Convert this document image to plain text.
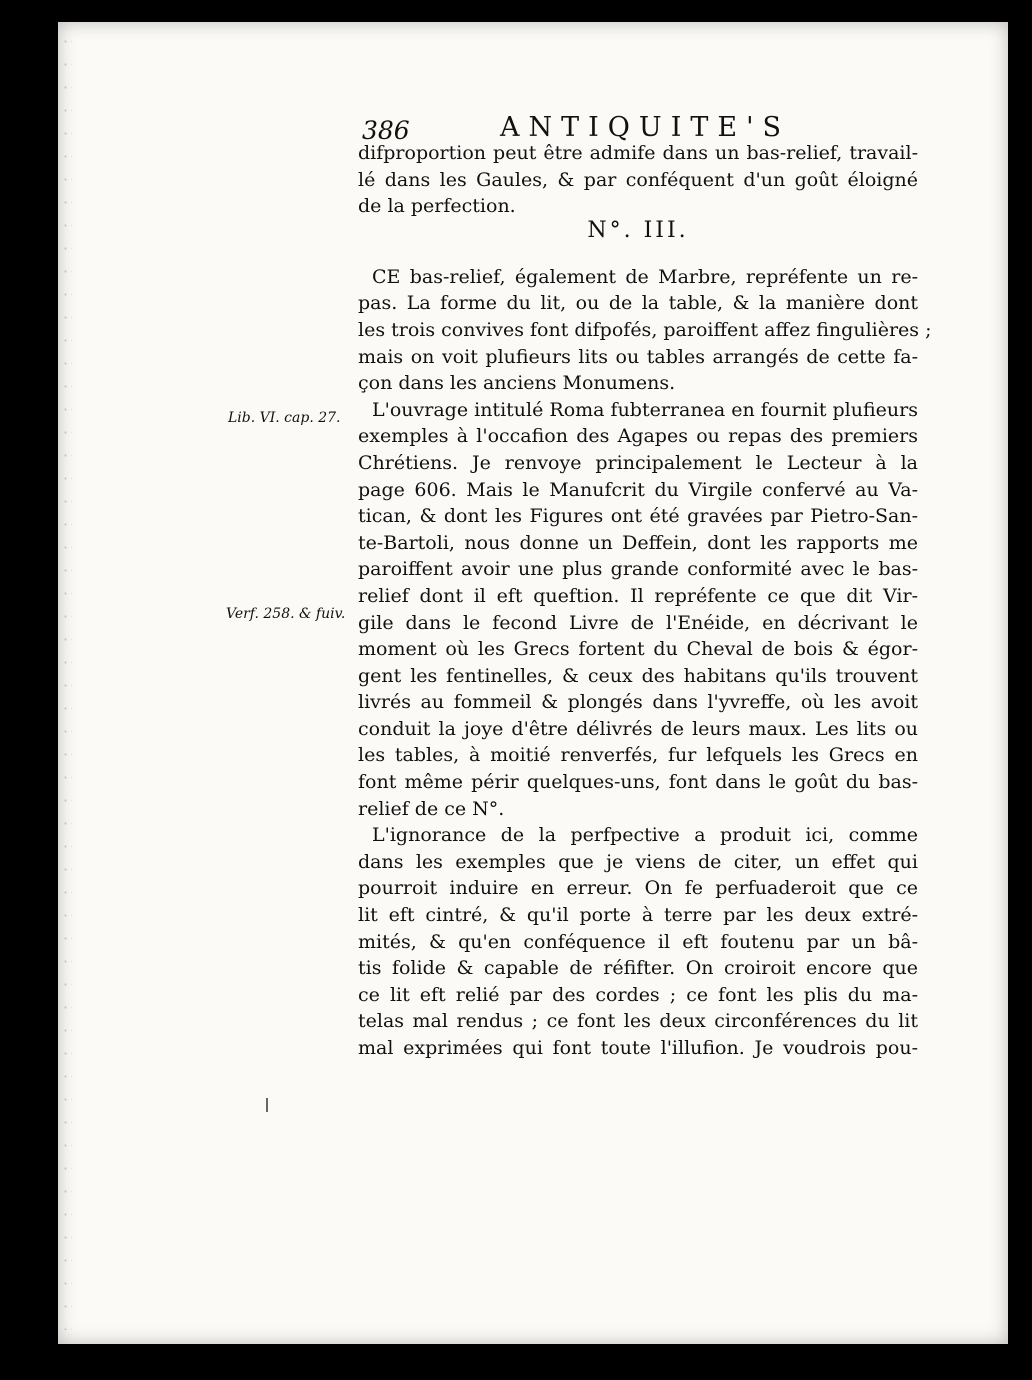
386	ANTIQUITE'S
Lib. VI. cap. 27.
Verf. 258. & fuiv.
difproportion peut être admife dans un bas-relief, travail-
lé dans les Gaules, & par conféquent d'un goût éloigné
de la perfection.
N°. III.
CE bas-relief, également de Marbre, repréfente un re-
pas. La forme du lit, ou de la table, & la manière dont
les trois convives font difpofés, paroiffent affez fingulières ;
mais on voit plufieurs lits ou tables arrangés de cette fa-
çon dans les anciens Monumens.
L'ouvrage intitulé Roma fubterranea en fournit plufieurs
exemples à l'occafion des Agapes ou repas des premiers
Chrétiens. Je renvoye principalement le Lecteur à la
page 606. Mais le Manufcrit du Virgile confervé au Va-
tican, & dont les Figures ont été gravées par Pietro-San-
te-Bartoli, nous donne un Deffein, dont les rapports me
paroiffent avoir une plus grande conformité avec le bas-
relief dont il eft queftion. Il repréfente ce que dit Vir-
gile dans le fecond Livre de l'Enéide, en décrivant le
moment où les Grecs fortent du Cheval de bois & égor-
gent les fentinelles, & ceux des habitans qu'ils trouvent
livrés au fommeil & plongés dans l'yvreffe, où les avoit
conduit la joye d'être délivrés de leurs maux. Les lits ou
les tables, à moitié renverfés, fur lefquels les Grecs en
font même périr quelques-uns, font dans le goût du bas-
relief de ce N°.
L'ignorance de la perfpective a produit ici, comme
dans les exemples que je viens de citer, un effet qui
pourroit induire en erreur. On fe perfuaderoit que ce
lit eft cintré, & qu'il porte à terre par les deux extré-
mités, & qu'en conféquence il eft foutenu par un bâ-
tis folide & capable de réfifter. On croiroit encore que
ce lit eft relié par des cordes ; ce font les plis du ma-
telas mal rendus ; ce font les deux circonférences du lit
mal exprimées qui font toute l'illufion. Je voudrois pou-
